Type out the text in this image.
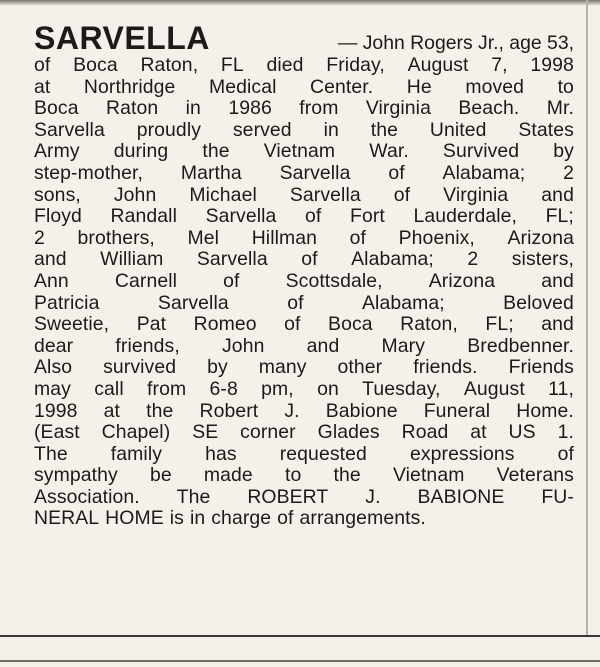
SARVELLA	— John Rogers Jr., age 53,
of Boca Raton, FL died Friday, August 7, 1998
at Northridge Medical Center. He moved to
Boca Raton in 1986 from Virginia Beach. Mr.
Sarvella proudly served in the United States
Army during the Vietnam War. Survived by
step-mother, Martha Sarvella of Alabama; 2
sons, John Michael Sarvella of Virginia and
Floyd Randall Sarvella of Fort Lauderdale, FL;
2 brothers, Mel Hillman of Phoenix, Arizona
and William Sarvella of Alabama; 2 sisters,
Ann Carnell of Scottsdale, Arizona and
Patricia	Sarvella	of	Alabama;	Beloved
Sweetie, Pat Romeo of Boca Raton, FL; and
dear friends, John and Mary Bredbenner.
Also survived by many other friends. Friends
may call from 6-8 pm, on Tuesday, August 11,
1998 at the Robert J. Babione Funeral Home.
(East Chapel) SE corner Glades Road at US 1.
The family has requested expressions of
sympathy be made to the Vietnam Veterans
Association. The ROBERT J. BABIONE FU-
NERAL HOME is in charge of arrangements.
